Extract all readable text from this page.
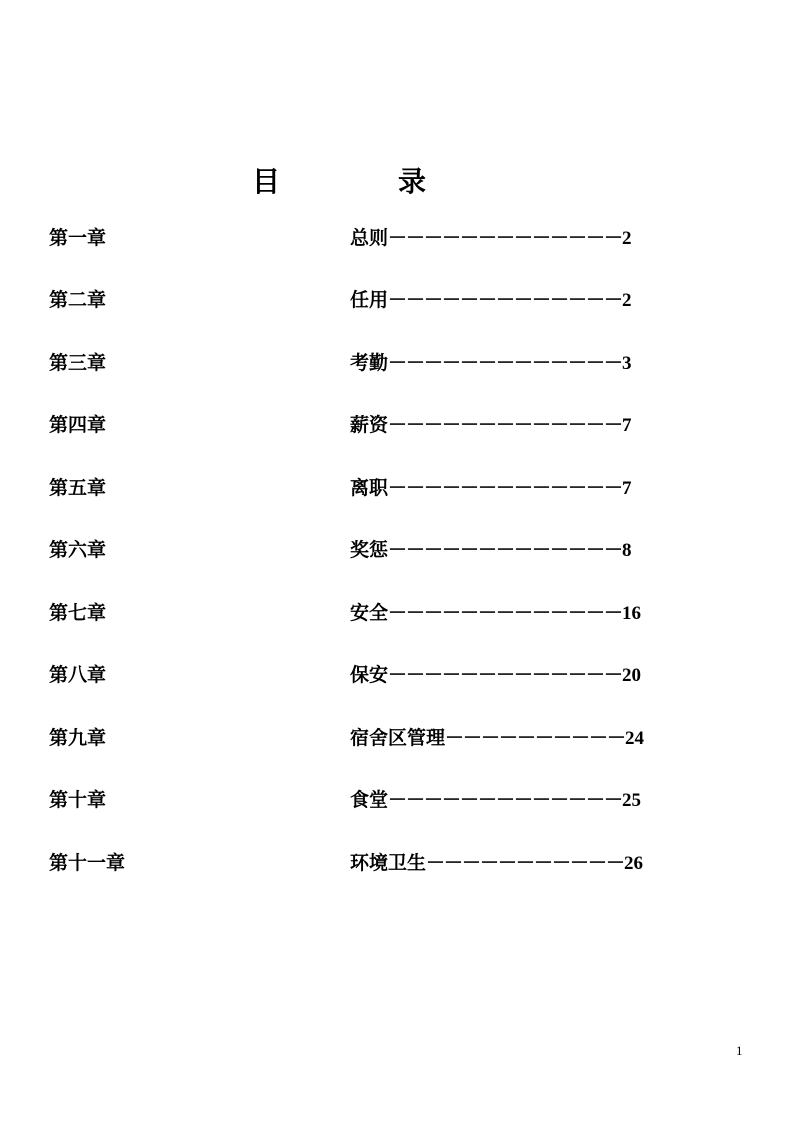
目	录
第一章	总则－－－－－－－－－－－－－2
第二章	任用－－－－－－－－－－－－－2
第三章	考勤－－－－－－－－－－－－－3
第四章	薪资－－－－－－－－－－－－－7
第五章	离职－－－－－－－－－－－－－7
第六章	奖惩－－－－－－－－－－－－－8
第七章	安全－－－－－－－－－－－－－16
第八章	保安－－－－－－－－－－－－－20
第九章	宿舍区管理－－－－－－－－－－24
第十章	食堂－－－－－－－－－－－－－25
第十一章	环境卫生－－－－－－－－－－－26
1
